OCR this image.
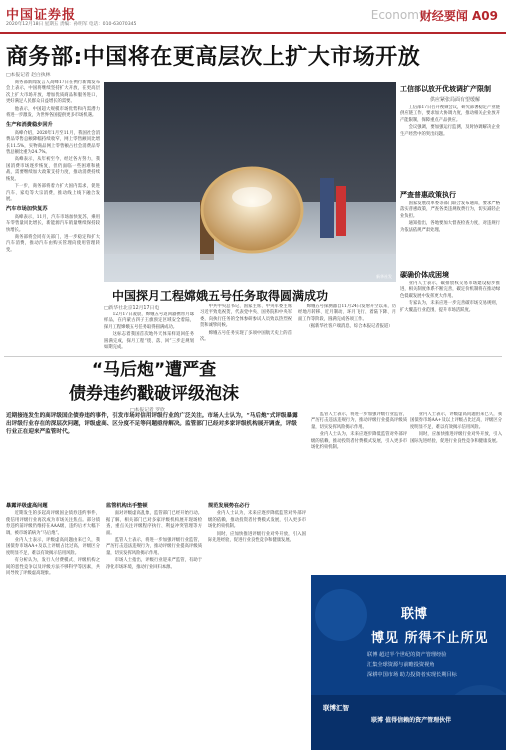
中国证券报
2020年12月18日 星期五 责编：孙明军 电话：010-63070345
Economy
财经要闻 A09
商务部:中国将在更高层次上扩大市场开放
□本报记者 赵白执林

商务部新闻发言人高峰17日在例行新闻发布会上表示，中国将继续坚持扩大开放，在更高层次上扩大市场开放，增加优质商品和服务进口，更好满足人民群众日益增长的需要。

他表示，中国超大规模市场优势和内需潜力将进一步激发，为世界各国提供更多市场机遇。

生产和消费稳步回升

高峰介绍，2020年1月至11月，我国社会消费品零售总额降幅持续收窄，网上零售额同比增长11.5%，实物商品网上零售额占社会消费品零售总额比重为24.7%。

高峰表示，从年初至今，经过各方努力，我国消费市场逐步恢复，但仍面临一些困难和挑战，需要继续加大政策支持力度，推动消费持续恢复。

下一步，商务部将着力扩大国内需求，促进汽车、家电等大宗消费，推动线上线下融合发展。

汽车市场加快复苏

高峰表示，11月，汽车市场加快复苏，乘用车零售量同比增长，新能源汽车销量继续保持较快增长。

商务部将会同有关部门，进一步稳定和扩大汽车消费，推动汽车由购买管理向使用管理转变。

新华社发
工信部以放开优坡调扩产限制
供应紧张局面有望缓解

工信部17日召开视频会议，研究部署稳定产业链供应链工作，要求加大协调力度，推动相关企业放开产能限制，保障重点产品供应。

会议强调，要加强运行监测，及时协调解决企业生产经营中的突出问题。

严查普惠政策执行

国家发展改革委等部门联合发布通知，要求严格落实普惠政策，严查各类违规收费行为，切实减轻企业负担。

通知指出，各地要加大督查检查力度，对违规行为依法依规严肃处理。

碳确价体成困境

业内人士表示，碳排放权交易市场建设稳步推进，相关制度体系不断完善，碳定价机制将在推动绿色低碳发展中发挥更大作用。

专家认为，未来应进一步完善碳市场交易规则，扩大覆盖行业范围，提升市场活跃度。

中国探月工程嫦娥五号任务取得圆满成功
□新华社北京12月17日电

12月17日凌晨，嫦娥五号返回器携带月球样品，在内蒙古四子王旗预定区域安全着陆，探月工程嫦娥五号任务取得圆满成功。

这标志着我国首次地外天体采样返回任务圆满完成，探月工程“绕、落、回”三步走规划如期完成。

中共中央总书记、国家主席、中央军委主席习近平致电祝贺，代表党中央、国务院和中央军委，向执行任务的全体参研参试人员致以热烈祝贺和诚挚问候。

嫦娥五号任务实现了多项中国航天史上的首次。

嫦娥五号探测器自11月24日发射升空以来，历经地月转移、近月制动、环月飞行、着陆下降、月面工作等阶段，圆满完成各项工作。

（据新华社客户端消息，综合本报记者报道）

“马后炮”遭严查
债券违约戳破评级泡沫
□本报记者 罗欣
近期接连发生的高评级国企债券违约事件，引发市场对信用评级行业的广泛关注。市场人士认为，“马后炮”式评级暴露出评级行业存在的深层次问题，评级虚高、区分度不足等问题亟待解决。监管部门已经对多家评级机构展开调查，评级行业正在迎来严监管时代。
暴露评级虚高问题

近期发生的多起高评级国企债券违约事件，使信用评级行业再次成为市场关注焦点。部分债券违约前评级仍维持在AAA级，违约后才大幅下调，被市场诟病为“马后炮”。

业内人士表示，评级虚高问题由来已久，我国债券市场AA+及以上评级占比过高，评级区分度明显不足，难以有效揭示信用风险。

有分析认为，发行人付费模式、评级机构之间的恶性竞争以及评级方法不够科学等因素，共同导致了评级虚高现象。

监管机构出手整顿

面对评级虚高乱象，监管部门已经开始行动。据了解，相关部门已对多家评级机构展开现场检查，重点关注评级程序执行、利益冲突管理等方面。

监管人士表示，将进一步加强评级行业监管，严厉打击违法违规行为，推动评级行业提高评级质量，切实发挥风险揭示作用。

市场人士指出，评级行业迎来严监管，有助于净化市场环境，推动行业回归本源。

规范发展势在必行

业内人士认为，未来应逐步降低监管对外部评级的依赖，推动投资者付费模式发展，引入更多市场化约束机制。

同时，应加快推进评级行业对外开放，引入国际先进经验，促进行业良性竞争和健康发展。

监管人士表示，将进一步加强评级行业监管，严厉打击违法违规行为，推动评级行业提高评级质量，切实发挥风险揭示作用。

业内人士认为，未来应逐步降低监管对外部评级的依赖，推动投资者付费模式发展，引入更多市场化约束机制。

业内人士表示，评级虚高问题由来已久，我国债券市场AA+及以上评级占比过高，评级区分度明显不足，难以有效揭示信用风险。

同时，应加快推进评级行业对外开放，引入国际先进经验，促进行业良性竞争和健康发展。

联博
博见 所得不止所见
联博 超过半个世纪的资产管理经验
汇集全球资源与前瞻投资视角
深耕中国市场 助力投资者实现长期目标
联博汇智
联博 值得信赖的资产管理伙伴
